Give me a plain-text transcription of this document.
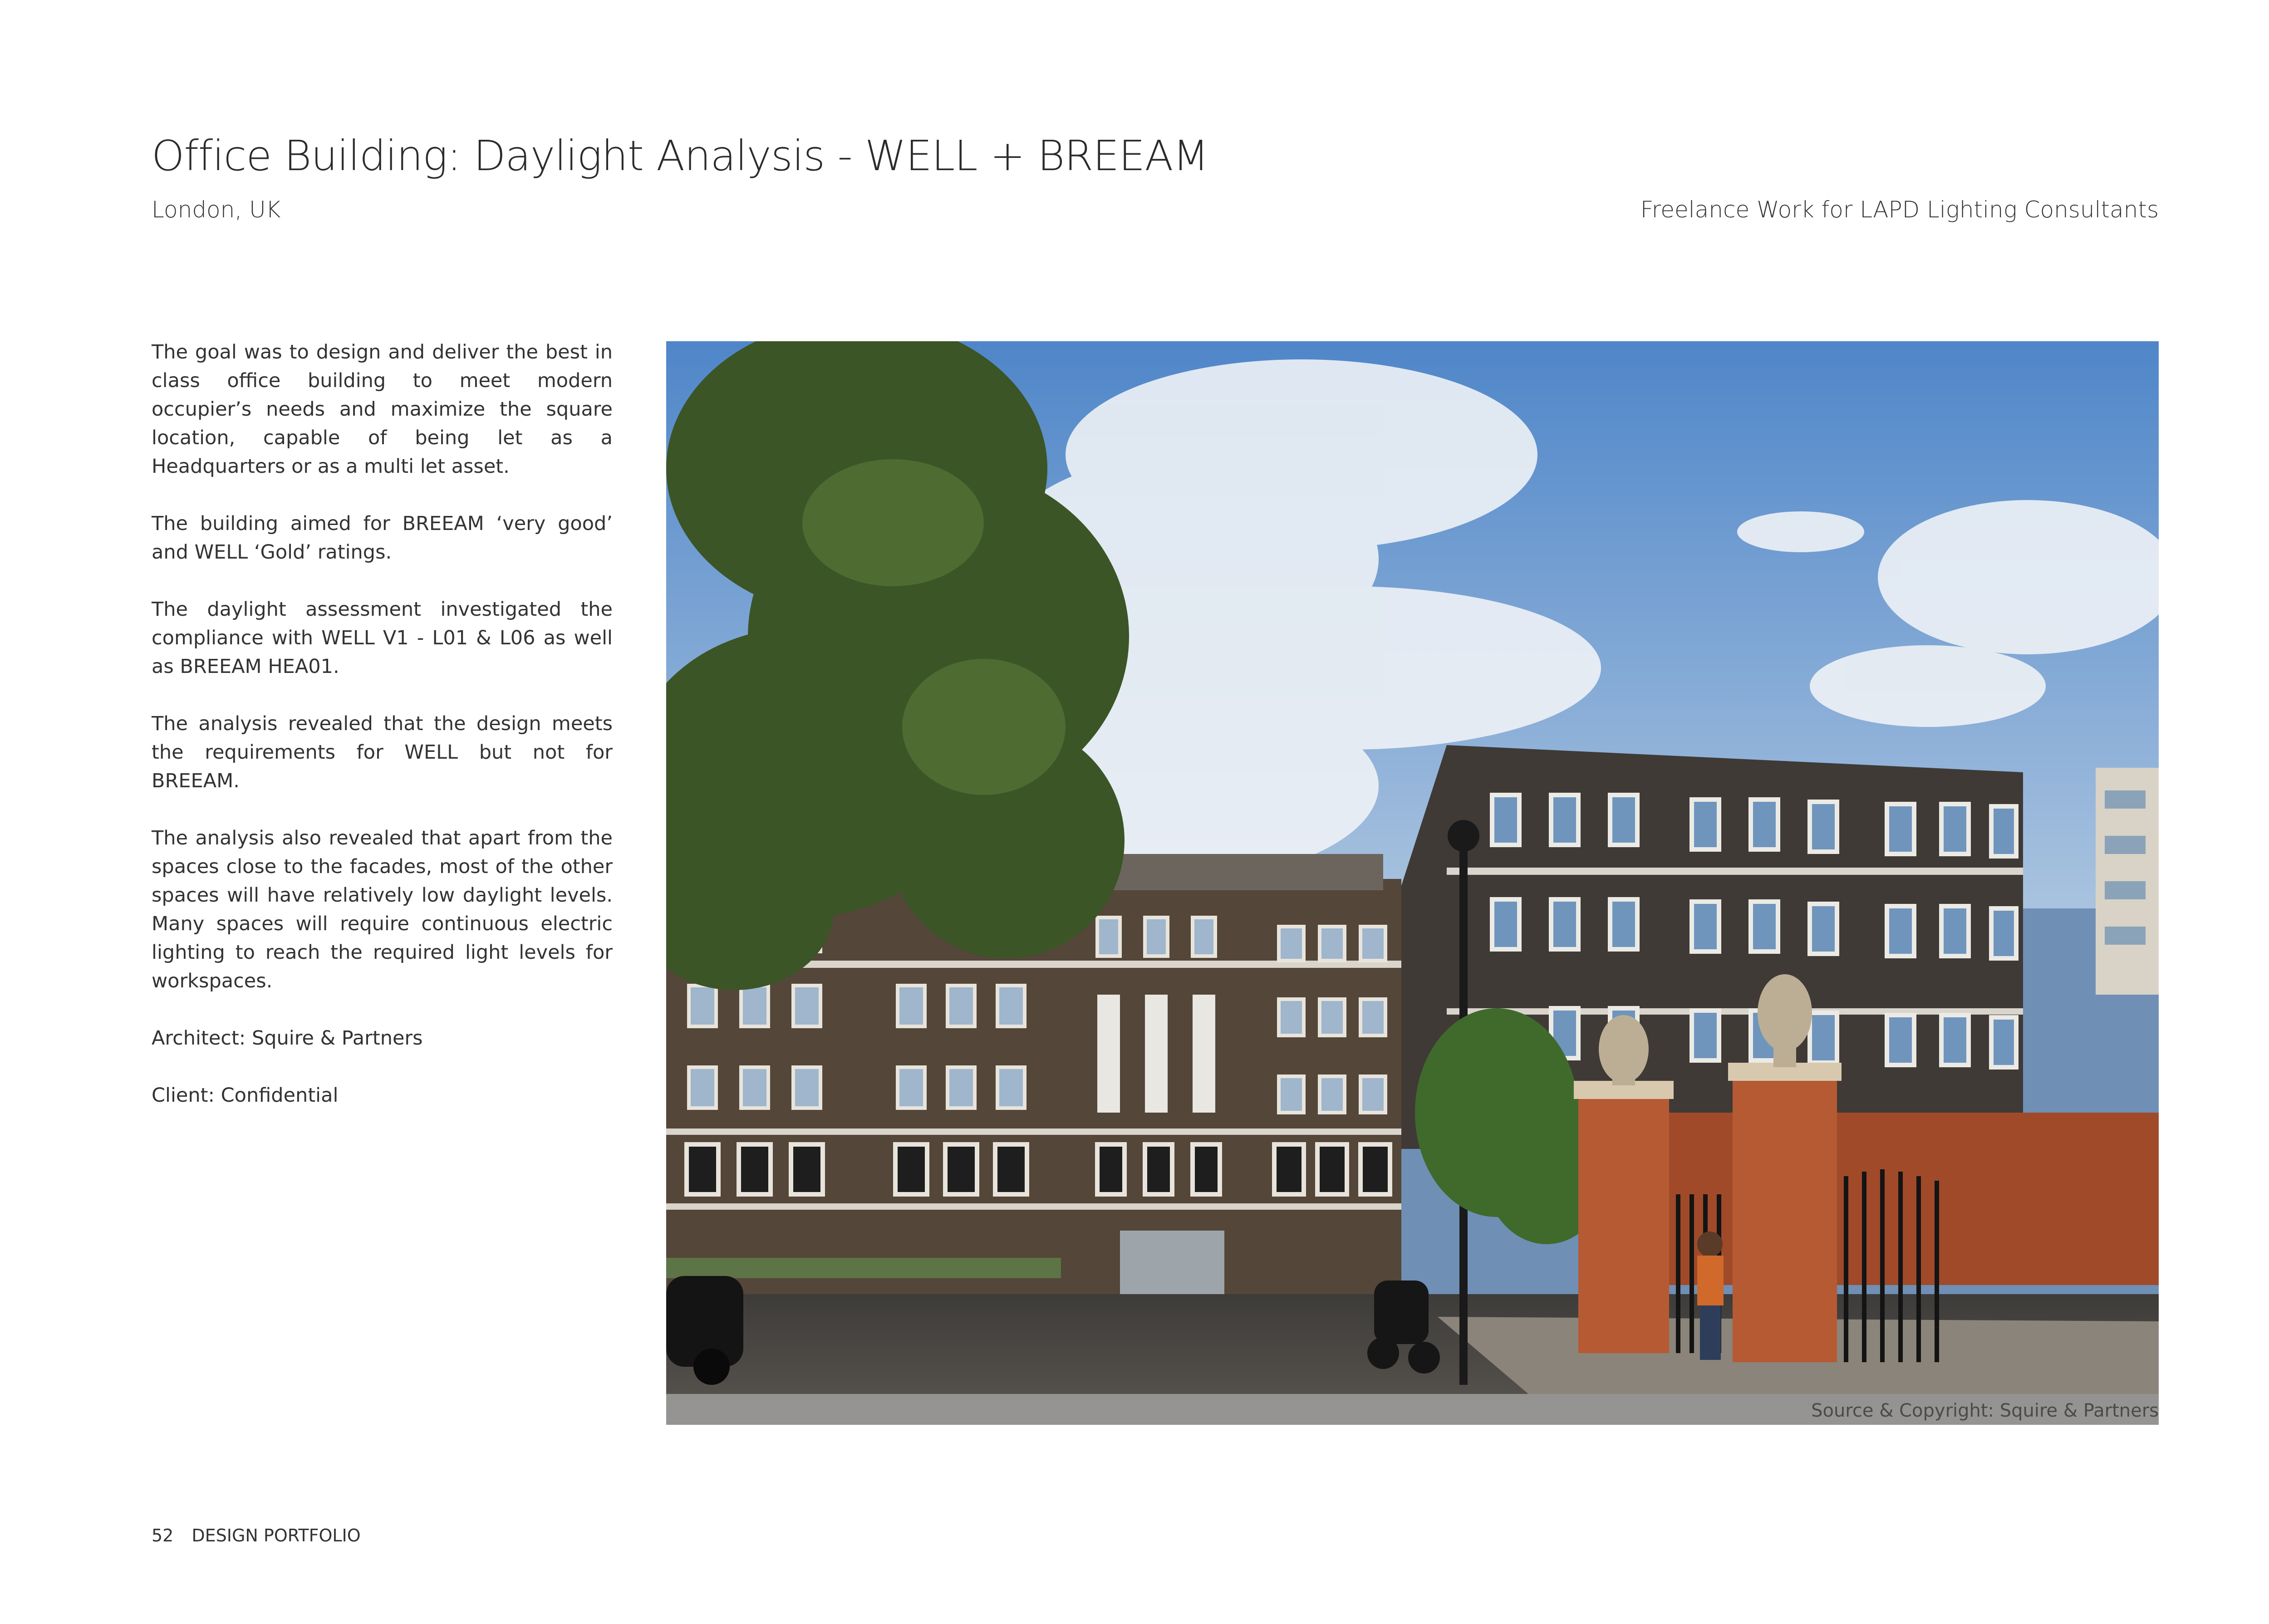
Office Building: Daylight Analysis - WELL + BREEAM
London, UK	Freelance Work for LAPD Lighting Consultants

The goal was to design and deliver the best in class office building to meet modern occupier’s needs and maximize the square location, capable of being let as a Headquarters or as a multi let asset.

The building aimed for BREEAM ‘very good’ and WELL ‘Gold’ ratings.

The daylight assessment investigated the compliance with WELL V1 - L01 & L06 as well as BREEAM HEA01.

The analysis revealed that the design meets the requirements for WELL but not for BREEAM.

The analysis also revealed that apart from the spaces close to the facades, most of the other spaces will have relatively low daylight levels. Many spaces will require continuous electric lighting to reach the required light levels for workspaces.

Architect: Squire & Partners

Client: Confidential

Source & Copyright: Squire & Partners
52 DESIGN PORTFOLIO
